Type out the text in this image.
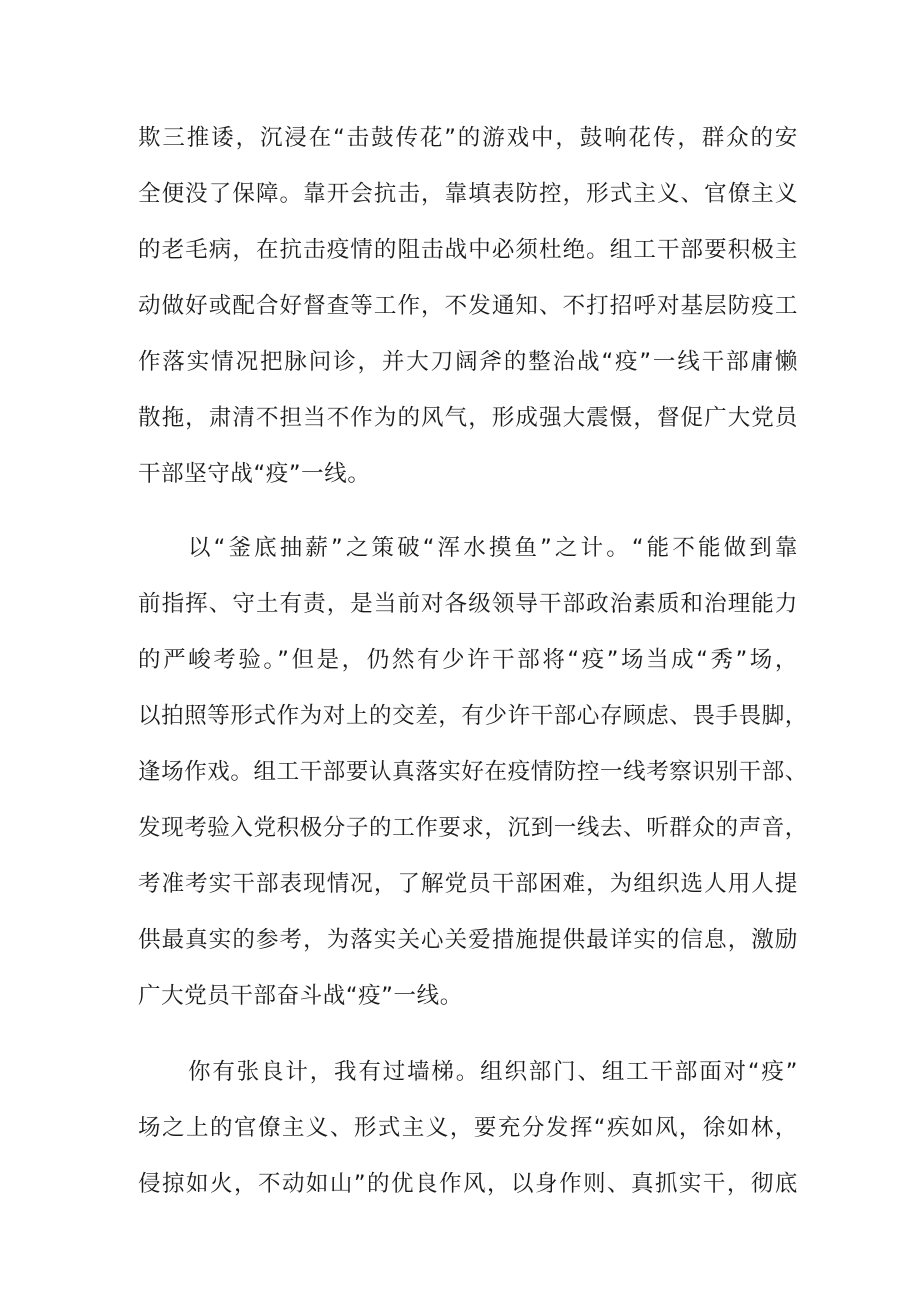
欺三推诿，沉浸在“击鼓传花”的游戏中，鼓响花传，群众的安
全便没了保障。靠开会抗击，靠填表防控，形式主义、官僚主义
的老毛病，在抗击疫情的阻击战中必须杜绝。组工干部要积极主
动做好或配合好督查等工作，不发通知、不打招呼对基层防疫工
作落实情况把脉问诊，并大刀阔斧的整治战“疫”一线干部庸懒
散拖，肃清不担当不作为的风气，形成强大震慑，督促广大党员
干部坚守战“疫”一线。
以“釜底抽薪”之策破“浑水摸鱼”之计。“能不能做到靠
前指挥、守土有责，是当前对各级领导干部政治素质和治理能力
的严峻考验。”但是，仍然有少许干部将“疫”场当成“秀”场，
以拍照等形式作为对上的交差，有少许干部心存顾虑、畏手畏脚，
逢场作戏。组工干部要认真落实好在疫情防控一线考察识别干部、
发现考验入党积极分子的工作要求，沉到一线去、听群众的声音，
考准考实干部表现情况，了解党员干部困难，为组织选人用人提
供最真实的参考，为落实关心关爱措施提供最详实的信息，激励
广大党员干部奋斗战“疫”一线。
你有张良计，我有过墙梯。组织部门、组工干部面对“疫”
场之上的官僚主义、形式主义，要充分发挥“疾如风，徐如林，
侵掠如火，不动如山”的优良作风，以身作则、真抓实干，彻底
